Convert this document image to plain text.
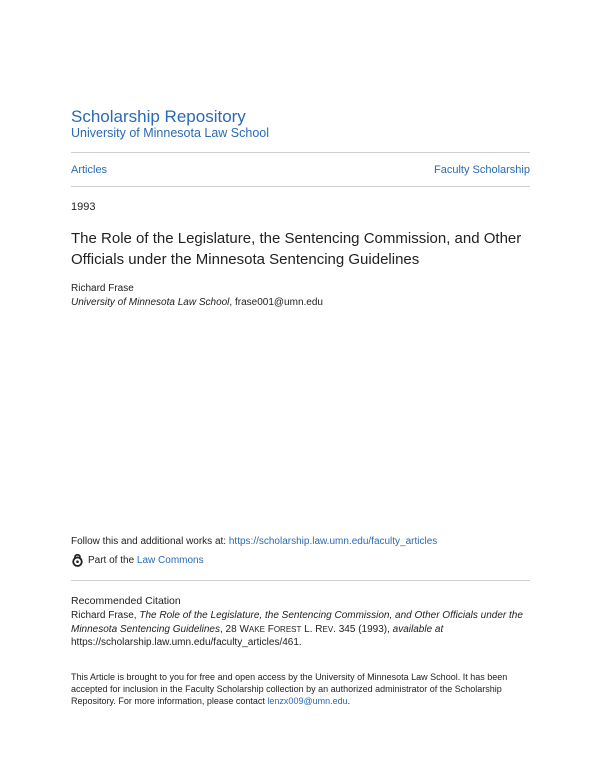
Scholarship Repository
University of Minnesota Law School
Articles	Faculty Scholarship
1993
The Role of the Legislature, the Sentencing Commission, and Other Officials under the Minnesota Sentencing Guidelines
Richard Frase
University of Minnesota Law School, frase001@umn.edu
Follow this and additional works at: https://scholarship.law.umn.edu/faculty_articles
Part of the
Law Commons
Recommended Citation
Richard Frase, The Role of the Legislature, the Sentencing Commission, and Other Officials under the Minnesota Sentencing Guidelines, 28 WAKE FOREST L. REV. 345 (1993), available at
https://scholarship.law.umn.edu/faculty_articles/461.
This Article is brought to you for free and open access by the University of Minnesota Law School. It has been accepted for inclusion in the Faculty Scholarship collection by an authorized administrator of the Scholarship Repository. For more information, please contact lenzx009@umn.edu.
